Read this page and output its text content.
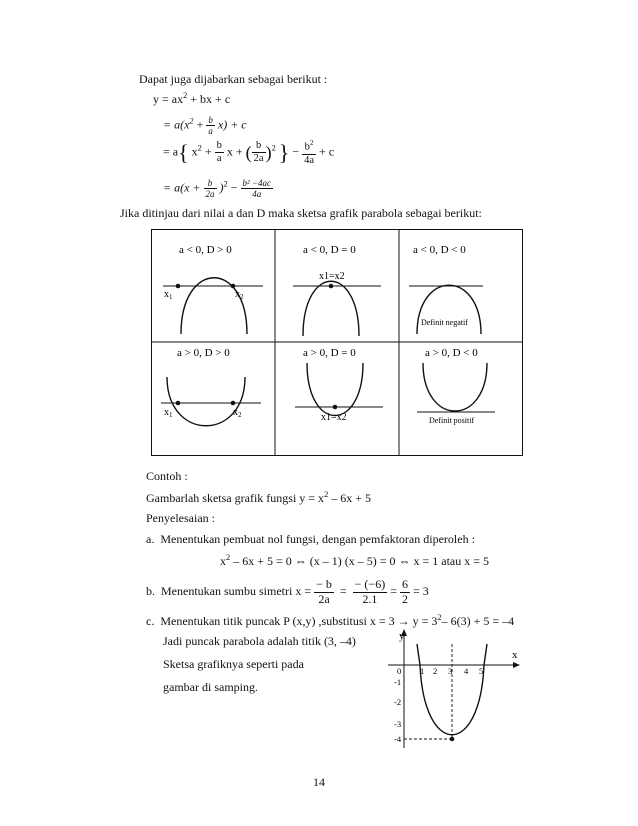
Dapat juga dijabarkan sebagai berikut :
$y = ax^2$ + bx + c
= $a(x^2 + \frac{b}{a} x) + c$
= a{ $x^2 + \frac{b}{a}$ x + ( $\frac{b}{2a} )^2$ } − $\frac{b^2}{4a} + c$
= $a(x + \frac{b}{2a} )^2 - \frac{\text{b² −4ac}}{4a}$
Jika ditinjau dari nilai a dan D maka sketsa grafik parabola sebagai berikut:
a < 0, D > 0
$x_1$	$x_2$
a < 0, D = 0
x1=x2
a < 0, D < 0
Definit negatif
a > 0, D > 0
$x_1$	$x_2$
a > 0, D = 0
x1=x2
a > 0, D < 0
Definit positif
Contoh :
Gambarlah sketsa grafik fungsi $y = x^2 - 6x + 5$
Penyelesaian :
a. Menentukan pembuat nol fungsi, dengan pemfaktoran diperoleh :
$x^2 - 6x + 5 = 0$ ⇔ (x – 1) (x – 5) = 0 ⇔ x = 1 atau x = 5
b. Menentukan sumbu simetri $x = \frac{- b}{2a} = \frac{- (-6)}{2.1} = \frac{6}{2} = 3$
c. Menentukan titik puncak P (x,y) ,substitusi $x = 3 \to y = 3^2-$ 6(3) + 5 = –4
Jadi puncak parabola adalah titik (3, –4)
Sketsa grafiknya seperti pada
gambar di samping.
y
x
0 1 2 3 4 5
-1
-2
-3
-4
14
